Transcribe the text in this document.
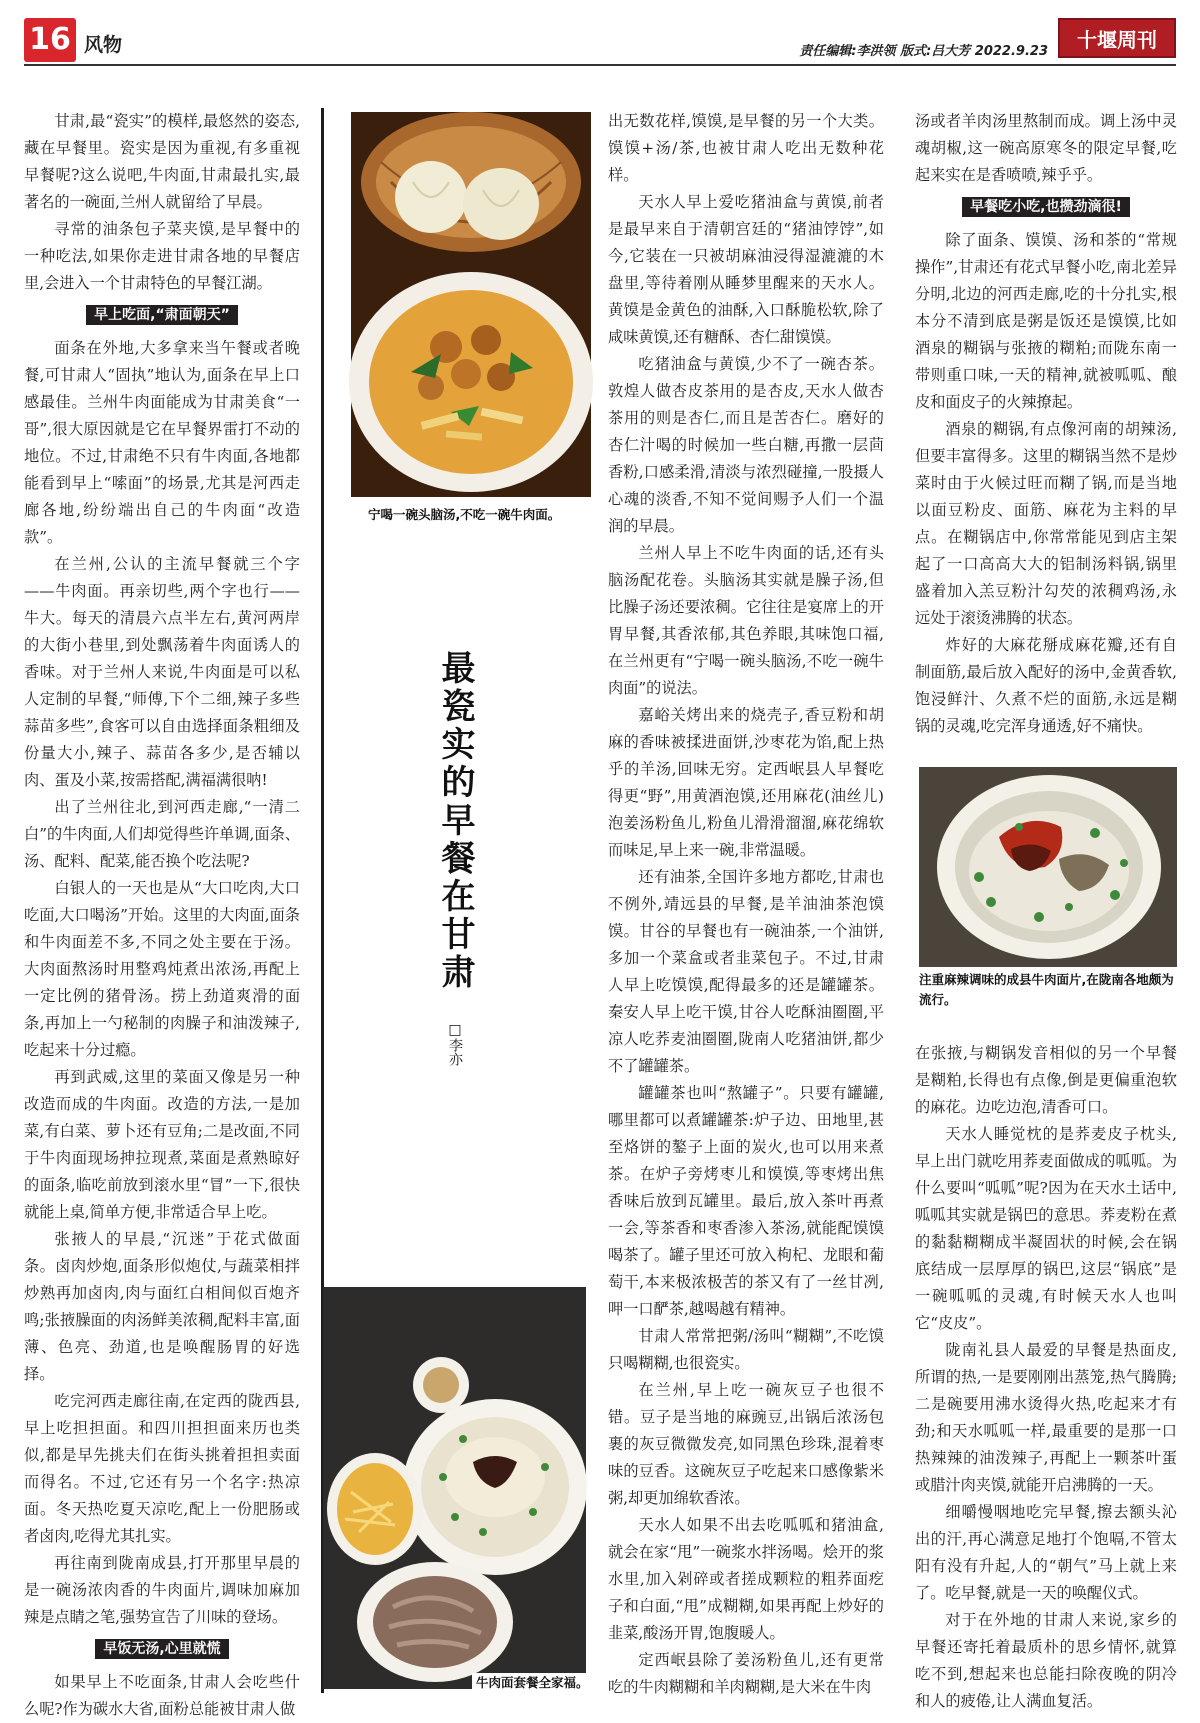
16 风物	责任编辑:李洪领 版式:吕大芳 2022.9.23	十堰周刊

甘肃,最“瓷实”的模样,最悠然的姿态,藏在早餐里。瓷实是因为重视,有多重视早餐呢?这么说吧,牛肉面,甘肃最扎实,最著名的一碗面,兰州人就留给了早晨。

寻常的油条包子菜夹馍,是早餐中的一种吃法,如果你走进甘肃各地的早餐店里,会进入一个甘肃特色的早餐江湖。

早上吃面,“肃面朝天”

面条在外地,大多拿来当午餐或者晚餐,可甘肃人“固执”地认为,面条在早上口感最佳。兰州牛肉面能成为甘肃美食“一哥”,很大原因就是它在早餐界雷打不动的地位。不过,甘肃绝不只有牛肉面,各地都能看到早上“嗦面”的场景,尤其是河西走廊各地,纷纷端出自己的牛肉面“改造款”。

在兰州,公认的主流早餐就三个字——牛肉面。再亲切些,两个字也行——牛大。每天的清晨六点半左右,黄河两岸的大街小巷里,到处飘荡着牛肉面诱人的香味。对于兰州人来说,牛肉面是可以私人定制的早餐,“师傅,下个二细,辣子多些蒜苗多些”,食客可以自由选择面条粗细及份量大小,辣子、蒜苗各多少,是否辅以肉、蛋及小菜,按需搭配,满福满很呐!

出了兰州往北,到河西走廊,“一清二白”的牛肉面,人们却觉得些许单调,面条、汤、配料、配菜,能否换个吃法呢?

白银人的一天也是从“大口吃肉,大口吃面,大口喝汤”开始。这里的大肉面,面条和牛肉面差不多,不同之处主要在于汤。大肉面熬汤时用整鸡炖煮出浓汤,再配上一定比例的猪骨汤。捞上劲道爽滑的面条,再加上一勺秘制的肉臊子和油泼辣子,吃起来十分过瘾。

再到武威,这里的菜面又像是另一种改造而成的牛肉面。改造的方法,一是加菜,有白菜、萝卜还有豆角;二是改面,不同于牛肉面现场抻拉现煮,菜面是煮熟晾好的面条,临吃前放到滚水里“冒”一下,很快就能上桌,简单方便,非常适合早上吃。

张掖人的早晨,“沉迷”于花式做面条。卤肉炒炮,面条形似炮仗,与蔬菜相拌炒熟再加卤肉,肉与面红白相间似百炮齐鸣;张掖臊面的肉汤鲜美浓稠,配料丰富,面薄、色亮、劲道,也是唤醒肠胃的好选择。

吃完河西走廊往南,在定西的陇西县,早上吃担担面。和四川担担面来历也类似,都是早先挑夫们在街头挑着担担卖面而得名。不过,它还有另一个名字:热凉面。冬天热吃夏天凉吃,配上一份肥肠或者卤肉,吃得尤其扎实。

再往南到陇南成县,打开那里早晨的是一碗汤浓肉香的牛肉面片,调味加麻加辣是点睛之笔,强势宣告了川味的登场。

早饭无汤,心里就慌

如果早上不吃面条,甘肃人会吃些什么呢?作为碳水大省,面粉总能被甘肃人做

宁喝一碗头脑汤,不吃一碗牛肉面。
最瓷实的早餐在甘肃
□李亦
牛肉面套餐全家福。

出无数花样,馍馍,是早餐的另一个大类。馍馍+汤/茶,也被甘肃人吃出无数种花样。

天水人早上爱吃猪油盒与黄馍,前者是最早来自于清朝宫廷的“猪油饽饽”,如今,它装在一只被胡麻油浸得湿漉漉的木盘里,等待着刚从睡梦里醒来的天水人。黄馍是金黄色的油酥,入口酥脆松软,除了咸味黄馍,还有糖酥、杏仁甜馍馍。

吃猪油盒与黄馍,少不了一碗杏茶。敦煌人做杏皮茶用的是杏皮,天水人做杏茶用的则是杏仁,而且是苦杏仁。磨好的杏仁汁喝的时候加一些白糖,再撒一层茴香粉,口感柔滑,清淡与浓烈碰撞,一股摄人心魂的淡香,不知不觉间赐予人们一个温润的早晨。

兰州人早上不吃牛肉面的话,还有头脑汤配花卷。头脑汤其实就是臊子汤,但比臊子汤还要浓稠。它往往是宴席上的开胃早餐,其香浓郁,其色养眼,其味饱口福,在兰州更有“宁喝一碗头脑汤,不吃一碗牛肉面”的说法。

嘉峪关烤出来的烧壳子,香豆粉和胡麻的香味被揉进面饼,沙枣花为馅,配上热乎的羊汤,回味无穷。定西岷县人早餐吃得更“野”,用黄酒泡馍,还用麻花(油丝儿)泡姜汤粉鱼儿,粉鱼儿滑滑溜溜,麻花绵软而味足,早上来一碗,非常温暖。

还有油茶,全国许多地方都吃,甘肃也不例外,靖远县的早餐,是羊油油茶泡馍馍。甘谷的早餐也有一碗油茶,一个油饼,多加一个菜盒或者韭菜包子。不过,甘肃人早上吃馍馍,配得最多的还是罐罐茶。秦安人早上吃干馍,甘谷人吃酥油圈圈,平凉人吃荞麦油圈圈,陇南人吃猪油饼,都少不了罐罐茶。

罐罐茶也叫“熬罐子”。只要有罐罐,哪里都可以煮罐罐茶:炉子边、田地里,甚至烙饼的鏊子上面的炭火,也可以用来煮茶。在炉子旁烤枣儿和馍馍,等枣烤出焦香味后放到瓦罐里。最后,放入茶叶再煮一会,等茶香和枣香渗入茶汤,就能配馍馍喝茶了。罐子里还可放入枸杞、龙眼和葡萄干,本来极浓极苦的茶又有了一丝甘冽,呷一口酽茶,越喝越有精神。

甘肃人常常把粥/汤叫“糊糊”,不吃馍只喝糊糊,也很瓷实。

在兰州,早上吃一碗灰豆子也很不错。豆子是当地的麻豌豆,出锅后浓汤包裹的灰豆微微发亮,如同黑色珍珠,混着枣味的豆香。这碗灰豆子吃起来口感像紫米粥,却更加绵软香浓。

天水人如果不出去吃呱呱和猪油盒,就会在家“甩”一碗浆水拌汤喝。烩开的浆水里,加入剁碎或者搓成颗粒的粗荞面疙子和白面,“甩”成糊糊,如果再配上炒好的韭菜,酸汤开胃,饱腹暖人。

定西岷县除了姜汤粉鱼儿,还有更常吃的牛肉糊糊和羊肉糊糊,是大米在牛肉

汤或者羊肉汤里熬制而成。调上汤中灵魂胡椒,这一碗高原寒冬的限定早餐,吃起来实在是香喷喷,辣乎乎。

早餐吃小吃,也攒劲滴很!

除了面条、馍馍、汤和茶的“常规操作”,甘肃还有花式早餐小吃,南北差异分明,北边的河西走廊,吃的十分扎实,根本分不清到底是粥是饭还是馍馍,比如酒泉的糊锅与张掖的糊粕;而陇东南一带则重口味,一天的精神,就被呱呱、酿皮和面皮子的火辣撩起。

酒泉的糊锅,有点像河南的胡辣汤,但要丰富得多。这里的糊锅当然不是炒菜时由于火候过旺而糊了锅,而是当地以面豆粉皮、面筋、麻花为主料的早点。在糊锅店中,你常常能见到店主架起了一口高高大大的铝制汤料锅,锅里盛着加入羔豆粉汁勾芡的浓稠鸡汤,永远处于滚烫沸腾的状态。

炸好的大麻花掰成麻花瓣,还有自制面筋,最后放入配好的汤中,金黄香软,饱浸鲜汁、久煮不烂的面筋,永远是糊锅的灵魂,吃完浑身通透,好不痛快。

在张掖,与糊锅发音相似的另一个早餐是糊粕,长得也有点像,倒是更偏重泡软的麻花。边吃边泡,清香可口。

天水人睡觉枕的是荞麦皮子枕头,早上出门就吃用荞麦面做成的呱呱。为什么要叫“呱呱”呢?因为在天水土话中,呱呱其实就是锅巴的意思。荞麦粉在煮的黏黏糊糊成半凝固状的时候,会在锅底结成一层厚厚的锅巴,这层“锅底”是一碗呱呱的灵魂,有时候天水人也叫它“皮皮”。

陇南礼县人最爱的早餐是热面皮,所谓的热,一是要刚刚出蒸笼,热气腾腾;二是碗要用沸水烫得火热,吃起来才有劲;和天水呱呱一样,最重要的是那一口热辣辣的油泼辣子,再配上一颗茶叶蛋或腊汁肉夹馍,就能开启沸腾的一天。

细嚼慢咽地吃完早餐,擦去额头沁出的汗,再心满意足地打个饱嗝,不管太阳有没有升起,人的“朝气”马上就上来了。吃早餐,就是一天的唤醒仪式。

对于在外地的甘肃人来说,家乡的早餐还寄托着最质朴的思乡情怀,就算吃不到,想起来也总能扫除夜晚的阴冷和人的疲倦,让人满血复活。

注重麻辣调味的成县牛肉面片,在陇南各地颇为流行。
